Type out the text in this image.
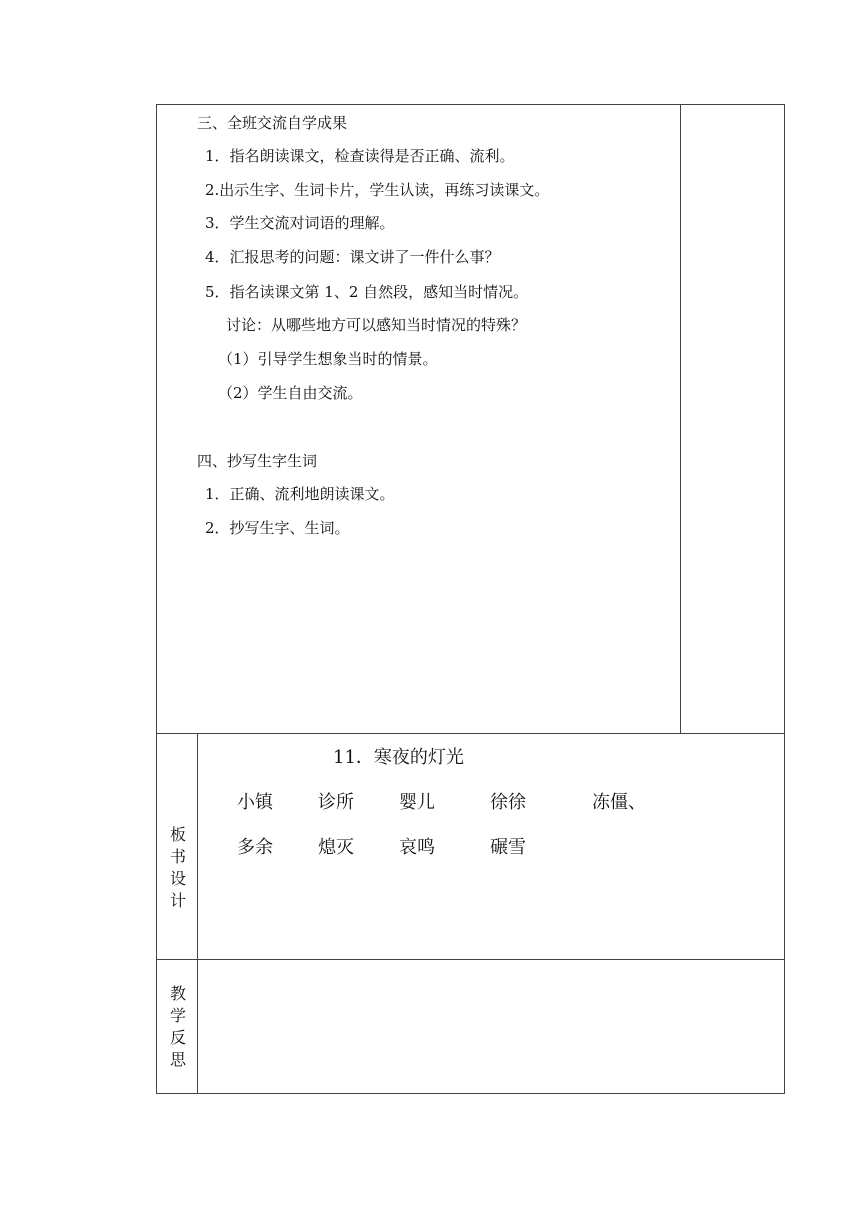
三、全班交流自学成果
1．指名朗读课文，检查读得是否正确、流利。
2.出示生字、生词卡片，学生认读，再练习读课文。
3．学生交流对词语的理解。
4．汇报思考的问题：课文讲了一件什么事？
5．指名读课文第 1、2 自然段，感知当时情况。
讨论：从哪些地方可以感知当时情况的特殊？
（1）引导学生想象当时的情景。
（2）学生自由交流。
四、抄写生字生词
1．正确、流利地朗读课文。
2．抄写生字、生词。
板
书
设
计
11．寒夜的灯光
小镇	诊所	婴儿	徐徐	冻僵、
多余	熄灭	哀鸣	碾雪
教
学
反
思
